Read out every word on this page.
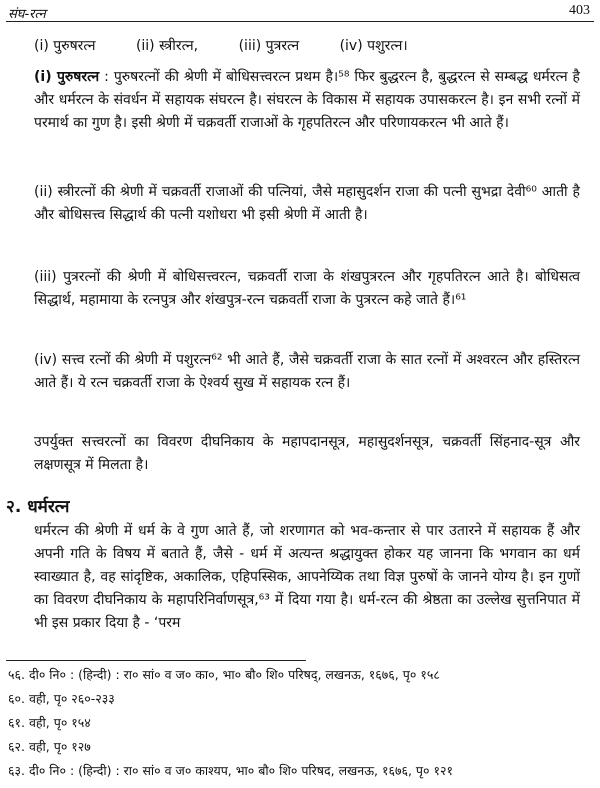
संघ-रत्न	403
(i) पुरुषरत्न	(ii) स्त्रीरत्न,	(iii) पुत्ररत्न	(iv) पशुरत्न।

(i) पुरुषरत्न : पुरुषरत्नों की श्रेणी में बोधिसत्त्वरत्न प्रथम है।⁵⁸ फिर बुद्धरत्न है, बुद्धरत्न से सम्बद्ध धर्मरत्न है और धर्मरत्न के संवर्धन में सहायक संघरत्न है। संघरत्न के विकास में सहायक उपासकरत्न है। इन सभी रत्नों में परमार्थ का गुण है। इसी श्रेणी में चक्रवर्ती राजाओं के गृहपतिरत्न और परिणायकरत्न भी आते हैं।

(ii) स्त्रीरत्नों की श्रेणी में चक्रवर्ती राजाओं की पत्नियां, जैसे महासुदर्शन राजा की पत्नी सुभद्रा देवी⁶⁰ आती है और बोधिसत्त्व सिद्धार्थ की पत्नी यशोधरा भी इसी श्रेणी में आती है।

(iii) पुत्ररत्नों की श्रेणी में बोधिसत्त्वरत्न, चक्रवर्ती राजा के शंखपुत्ररत्न और गृहपतिरत्न आते है। बोधिसत्व सिद्धार्थ, महामाया के रत्नपुत्र और शंखपुत्र-रत्न चक्रवर्ती राजा के पुत्ररत्न कहे जाते हैं।⁶¹

(iv) सत्त्व रत्नों की श्रेणी में पशुरत्न⁶² भी आते हैं, जैसे चक्रवर्ती राजा के सात रत्नों में अश्वरत्न और हस्तिरत्न आते हैं। ये रत्न चक्रवर्ती राजा के ऐश्वर्य सुख में सहायक रत्न हैं।

उपर्युक्त सत्त्वरत्नों का विवरण दीघनिकाय के महापदानसूत्र, महासुदर्शनसूत्र, चक्रवर्ती सिंहनाद-सूत्र और लक्षणसूत्र में मिलता है।

२. धर्मरत्न

धर्मरत्न की श्रेणी में धर्म के वे गुण आते हैं, जो शरणागत को भव-कन्तार से पार उतारने में सहायक हैं और अपनी गति के विषय में बताते हैं, जैसे - धर्म में अत्यन्त श्रद्धायुक्त होकर यह जानना कि भगवान का धर्म स्वाख्यात है, वह सांदृष्टिक, अकालिक, एहिपस्सिक, आपनेय्यिक तथा विज्ञ पुरुषों के जानने योग्य है। इन गुणों का विवरण दीघनिकाय के महापरिनिर्वाणसूत्र,⁶³ में दिया गया है। धर्म-रत्न की श्रेष्ठता का उल्लेख सुत्तनिपात में भी इस प्रकार दिया है - ‘परम

५६. दी० नि० : (हिन्दी) : रा० सां० व ज० का०, भा० बौ० शि० परिषद्, लखनऊ, १६७६, पृ० १५८
६०. वही, पृ० २६०-२३३
६१. वही, पृ० १५४
६२. वही, पृ० १२७
६३. दी० नि० : (हिन्दी) : रा० सां० व ज० काश्यप, भा० बौ० शि० परिषद, लखनऊ, १६७६, पृ० १२१
